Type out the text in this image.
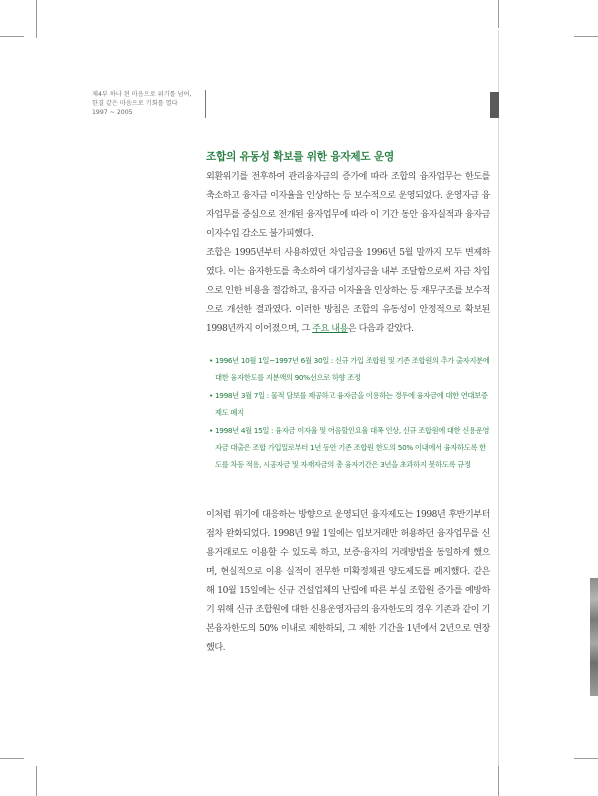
제4부 하나 된 마음으로 위기를 넘어,
한결 같은 마음으로 기회를 열다
1997 ~ 2005
조합의 유동성 확보를 위한 융자제도 운영

외환위기를 전후하여 관리융자금의 증가에 따라 조합의 융자업무는 한도를 축소하고 융자금 이자율을 인상하는 등 보수적으로 운영되었다. 운영자금 융자업무를 중심으로 전개된 융자업무에 따라 이 기간 동안 융자실적과 융자금 이자수입 감소도 불가피했다.

조합은 1995년부터 사용하였던 차입금을 1996년 5월 말까지 모두 변제하였다. 이는 융자한도를 축소하여 대기성자금을 내부 조달함으로써 자금 차입으로 인한 비용을 절감하고, 융자금 이자율을 인상하는 등 재무구조를 보수적으로 개선한 결과였다. 이러한 방침은 조합의 유동성이 안정적으로 확보된 1998년까지 이어졌으며, 그 주요 내용은 다음과 같았다.

• 1996년 10월 1일~1997년 6월 30일 : 신규 가입 조합원 및 기존 조합원의 추가 출자지분에 대한 융자한도를 지분액의 90%선으로 하향 조정
• 1998년 3월 7일 : 물적 담보를 제공하고 융자금을 이용하는 경우에 융자금에 대한 연대보증제도 폐지
• 1998년 4월 15일 : 융자금 이자율 및 어음할인요율 대폭 인상, 신규 조합원에 대한 신용운영자금 대출은 조합 가입일로부터 1년 동안 기존 조합원 한도의 50% 이내에서 융자하도록 한도를 차등 적용, 시공자금 및 자재자금의 총 융자기간은 3년을 초과하지 못하도록 규정

이처럼 위기에 대응하는 방향으로 운영되던 융자제도는 1998년 후반기부터 점차 완화되었다. 1998년 9월 1일에는 입보거래만 허용하던 융자업무를 신용거래로도 이용할 수 있도록 하고, 보증·융자의 거래방법을 동일하게 했으며, 현실적으로 이용 실적이 전무한 미확정채권 양도제도를 폐지했다. 같은 해 10월 15일에는 신규 건설업체의 난립에 따른 부실 조합원 증가를 예방하기 위해 신규 조합원에 대한 신용운영자금의 융자한도의 경우 기존과 같이 기본융자한도의 50% 이내로 제한하되, 그 제한 기간을 1년에서 2년으로 연장했다.
